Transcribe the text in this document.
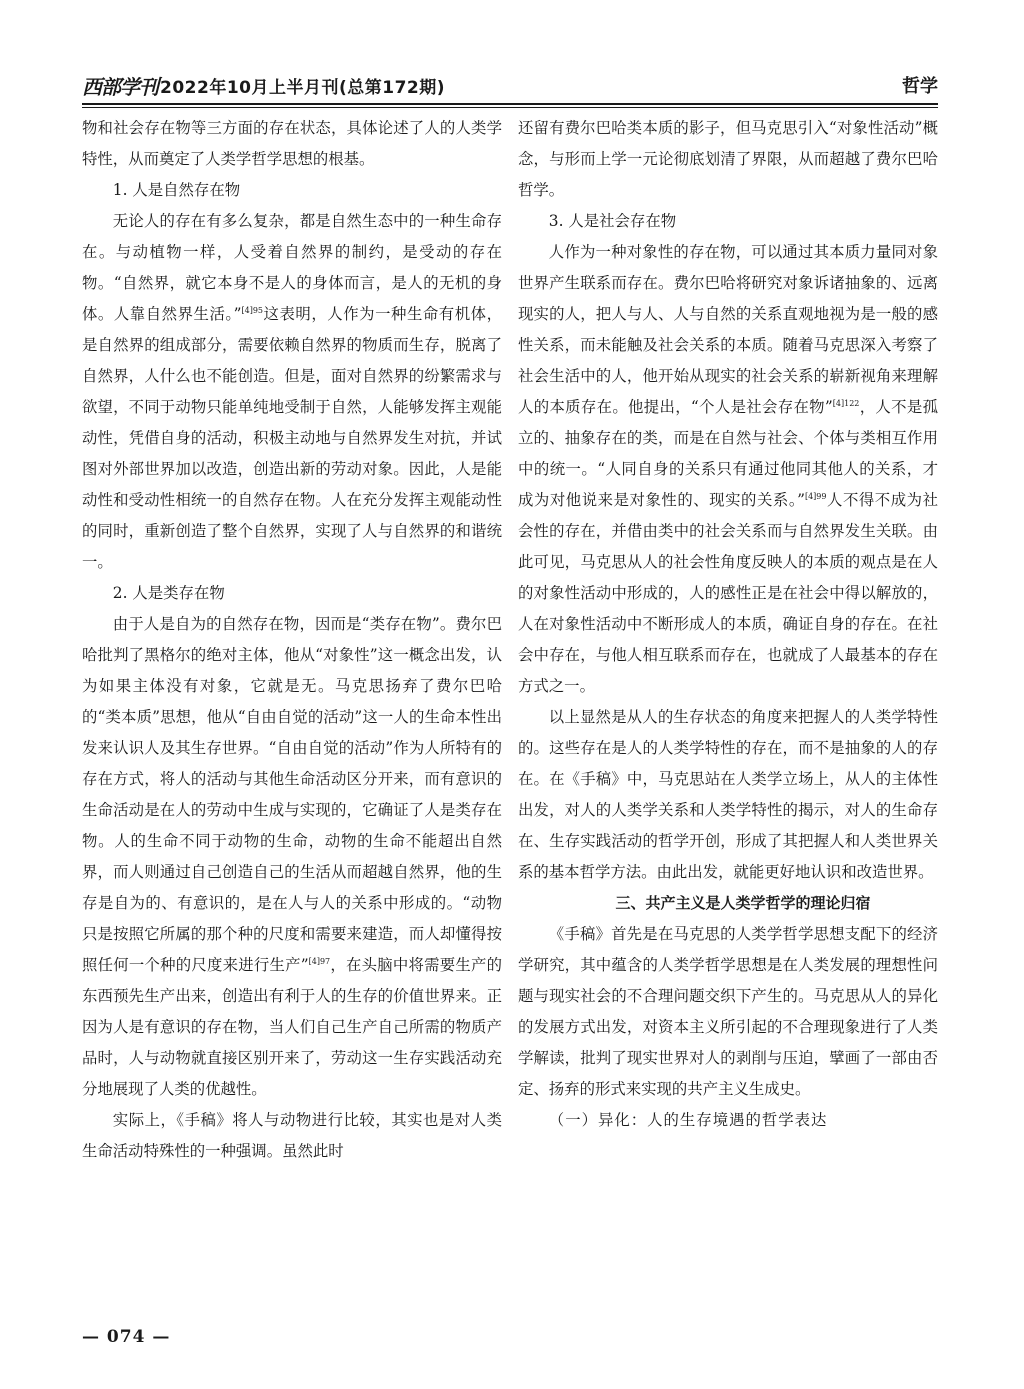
西部学刊 2022年10月上半月刊(总第172期)	哲学

物和社会存在物等三方面的存在状态，具体论述了人的人类学特性，从而奠定了人类学哲学思想的根基。

1. 人是自然存在物

无论人的存在有多么复杂，都是自然生态中的一种生命存在。与动植物一样，人受着自然界的制约，是受动的存在物。“自然界，就它本身不是人的身体而言，是人的无机的身体。人靠自然界生活。”$^{[4]95}$这表明，人作为一种生命有机体，是自然界的组成部分，需要依赖自然界的物质而生存，脱离了自然界，人什么也不能创造。但是，面对自然界的纷繁需求与欲望，不同于动物只能单纯地受制于自然，人能够发挥主观能动性，凭借自身的活动，积极主动地与自然界发生对抗，并试图对外部世界加以改造，创造出新的劳动对象。因此，人是能动性和受动性相统一的自然存在物。人在充分发挥主观能动性的同时，重新创造了整个自然界，实现了人与自然界的和谐统一。

2. 人是类存在物

由于人是自为的自然存在物，因而是“类存在物”。费尔巴哈批判了黑格尔的绝对主体，他从“对象性”这一概念出发，认为如果主体没有对象，它就是无。马克思扬弃了费尔巴哈的“类本质”思想，他从“自由自觉的活动”这一人的生命本性出发来认识人及其生存世界。“自由自觉的活动”作为人所特有的存在方式，将人的活动与其他生命活动区分开来，而有意识的生命活动是在人的劳动中生成与实现的，它确证了人是类存在物。人的生命不同于动物的生命，动物的生命不能超出自然界，而人则通过自己创造自己的生活从而超越自然界，他的生存是自为的、有意识的，是在人与人的关系中形成的。“动物只是按照它所属的那个种的尺度和需要来建造，而人却懂得按照任何一个种的尺度来进行生产”$^{[4]97}$，在头脑中将需要生产的东西预先生产出来，创造出有利于人的生存的价值世界来。正因为人是有意识的存在物，当人们自己生产自己所需的物质产品时，人与动物就直接区别开来了，劳动这一生存实践活动充分地展现了人类的优越性。

实际上，《手稿》将人与动物进行比较，其实也是对人类生命活动特殊性的一种强调。虽然此时

还留有费尔巴哈类本质的影子，但马克思引入“对象性活动”概念，与形而上学一元论彻底划清了界限，从而超越了费尔巴哈哲学。

3. 人是社会存在物

人作为一种对象性的存在物，可以通过其本质力量同对象世界产生联系而存在。费尔巴哈将研究对象诉诸抽象的、远离现实的人，把人与人、人与自然的关系直观地视为是一般的感性关系，而未能触及社会关系的本质。随着马克思深入考察了社会生活中的人，他开始从现实的社会关系的崭新视角来理解人的本质存在。他提出，“个人是社会存在物”$^{[4]122}$，人不是孤立的、抽象存在的类，而是在自然与社会、个体与类相互作用中的统一。“人同自身的关系只有通过他同其他人的关系，才成为对他说来是对象性的、现实的关系。”$^{[4]99}$人不得不成为社会性的存在，并借由类中的社会关系而与自然界发生关联。由此可见，马克思从人的社会性角度反映人的本质的观点是在人的对象性活动中形成的，人的感性正是在社会中得以解放的，人在对象性活动中不断形成人的本质，确证自身的存在。在社会中存在，与他人相互联系而存在，也就成了人最基本的存在方式之一。

以上显然是从人的生存状态的角度来把握人的人类学特性的。这些存在是人的人类学特性的存在，而不是抽象的人的存在。在《手稿》中，马克思站在人类学立场上，从人的主体性出发，对人的人类学关系和人类学特性的揭示，对人的生命存在、生存实践活动的哲学开创，形成了其把握人和人类世界关系的基本哲学方法。由此出发，就能更好地认识和改造世界。

三、共产主义是人类学哲学的理论归宿

《手稿》首先是在马克思的人类学哲学思想支配下的经济学研究，其中蕴含的人类学哲学思想是在人类发展的理想性问题与现实社会的不合理问题交织下产生的。马克思从人的异化的发展方式出发，对资本主义所引起的不合理现象进行了人类学解读，批判了现实世界对人的剥削与压迫，擘画了一部由否定、扬弃的形式来实现的共产主义生成史。

（一）异化：人的生存境遇的哲学表达

— 074 —
